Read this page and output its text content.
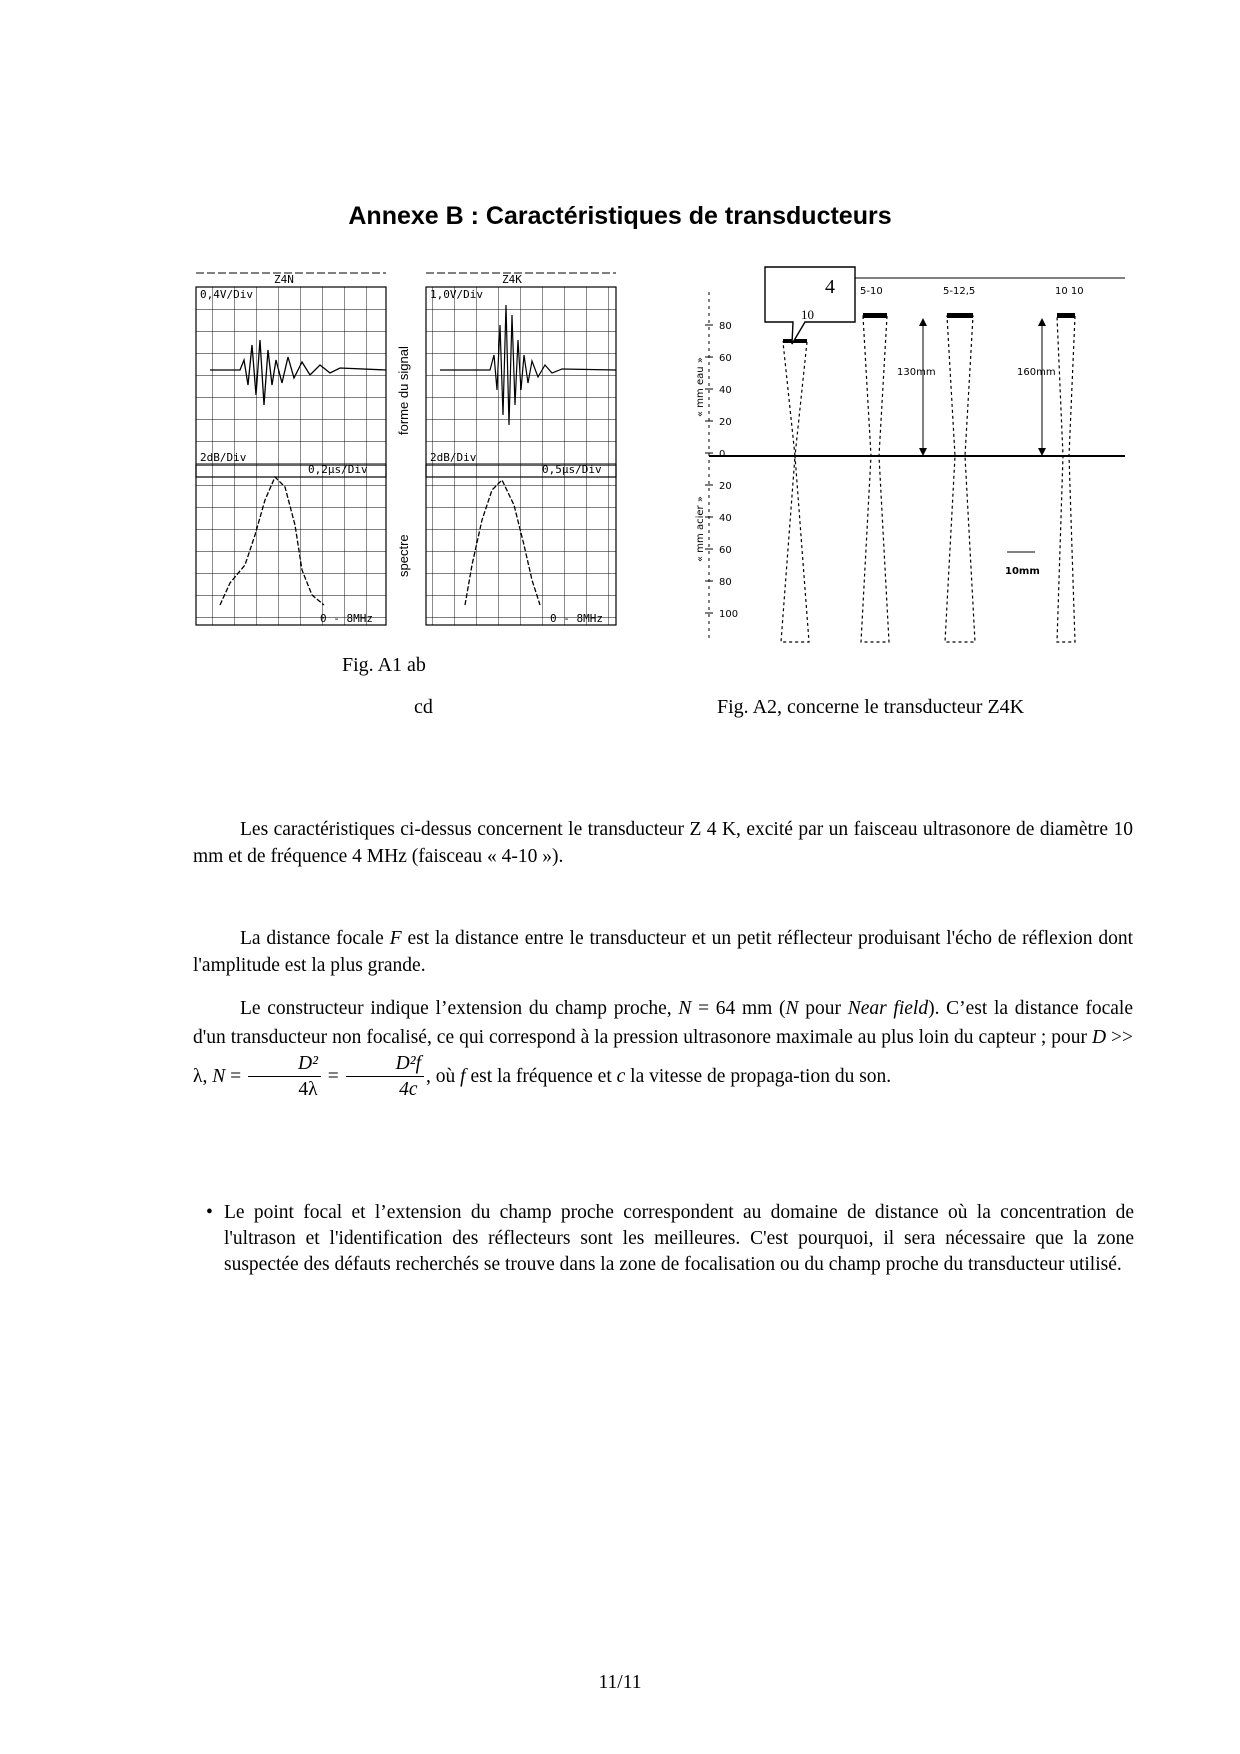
Annexe B : Caractéristiques de transducteurs
Z4N
0,4V/Div
Z4K
1,0V/Div
2dB/Div
0 - 8MHz
2dB/Div
0 - 8MHz
forme du signal
spectre
80
60
40
20
0
20
40
60
80
100
« mm eau »
« mm acier »
5-10	5-12,5
130mm
10 10
160mm
10mm
4
10
Fig. A1 ab
cd	Fig. A2, concerne le transducteur Z4K
Les caractéristiques ci-dessus concernent le transducteur Z 4 K, excité par un faisceau ultrasonore de diamètre 10 mm et de fréquence 4 MHz (faisceau « 4-10 »).
La distance focale F est la distance entre le transducteur et un petit réflecteur produisant l'écho de réflexion dont l'amplitude est la plus grande.
Le constructeur indique l’extension du champ proche, N = 64 mm (N pour Near field). C’est la distance focale d'un transducteur non focalisé, ce qui correspond à la pression ultrasonore maximale au plus loin du capteur ; pour D >> λ, $N = \frac{\text{D²}}{4\lambda} = \frac{\text{D²f}}{4c}$ , où f est la fréquence et c la vitesse de propaga-tion du son.
• Le point focal et l’extension du champ proche correspondent au domaine de distance où la concentration de l'ultrason et l'identification des réflecteurs sont les meilleures. C'est pourquoi, il sera nécessaire que la zone suspectée des défauts recherchés se trouve dans la zone de focalisation ou du champ proche du transducteur utilisé.
11/11
